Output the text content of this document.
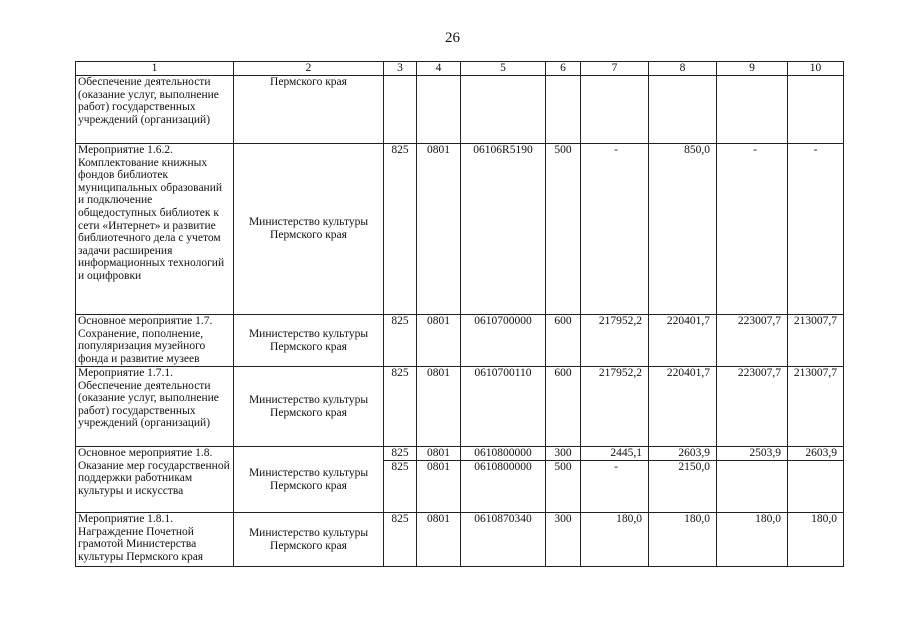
26
1	2	3	4	5	6	7	8	9	10
Обеспечение деятельности (оказание услуг, выполнение работ) государственных учреждений (организаций)	Пермского края								
Мероприятие 1.6.2. Комплектование книжных фондов библиотек муниципальных образований и подключение общедоступных библиотек к сети «Интернет» и развитие библиотечного дела с учетом задачи расширения информационных технологий и оцифровки	Министерство культуры Пермского края	825	0801	06106R5190	500	-	850,0	-	-
Основное мероприятие 1.7. Сохранение, пополнение, популяризация музейного фонда и развитие музеев	Министерство культуры Пермского края	825	0801	0610700000	600	217952,2	220401,7	223007,7	213007,7
Мероприятие 1.7.1. Обеспечение деятельности (оказание услуг, выполнение работ) государственных учреждений (организаций)	Министерство культуры Пермского края	825	0801	0610700110	600	217952,2	220401,7	223007,7	213007,7
Основное мероприятие 1.8. Оказание мер государственной поддержки работникам культуры и искусства	Министерство культуры Пермского края	825	0801	0610800000	300	2445,1	2603,9	2503,9	2603,9
		825	0801	0610800000	500	-	2150,0		
Мероприятие 1.8.1. Награждение Почетной грамотой Министерства культуры Пермского края	Министерство культуры Пермского края	825	0801	0610870340	300	180,0	180,0	180,0	180,0
